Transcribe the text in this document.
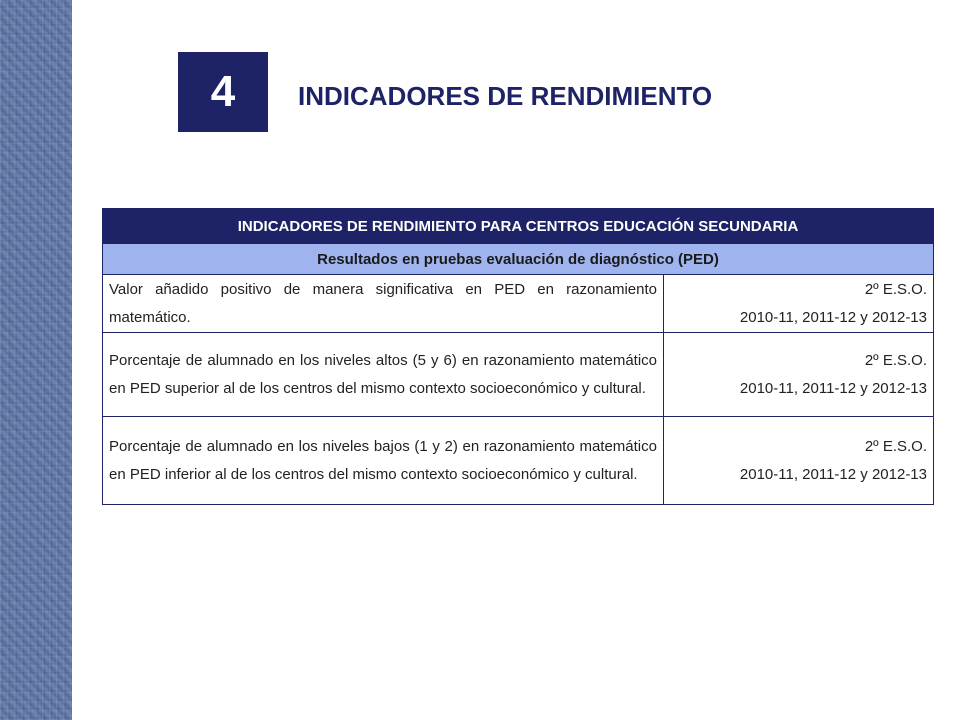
4 INDICADORES DE RENDIMIENTO
INDICADORES DE RENDIMIENTO PARA CENTROS EDUCACIÓN SECUNDARIA	
Resultados en pruebas evaluación de diagnóstico (PED)	
Valor añadido positivo de manera significativa en PED en razonamiento matemático.	2º E.S.O.
2010-11, 2011-12 y 2012-13

Porcentaje de alumnado en los niveles altos (5 y 6) en razonamiento matemático en PED superior al de los centros del mismo contexto socioeconómico y cultural.	2º E.S.O.
2010-11, 2011-12 y 2012-13

Porcentaje de alumnado en los niveles bajos (1 y 2) en razonamiento matemático en PED inferior al de los centros del mismo contexto socioeconómico y cultural.	2º E.S.O.
2010-11, 2011-12 y 2012-13
